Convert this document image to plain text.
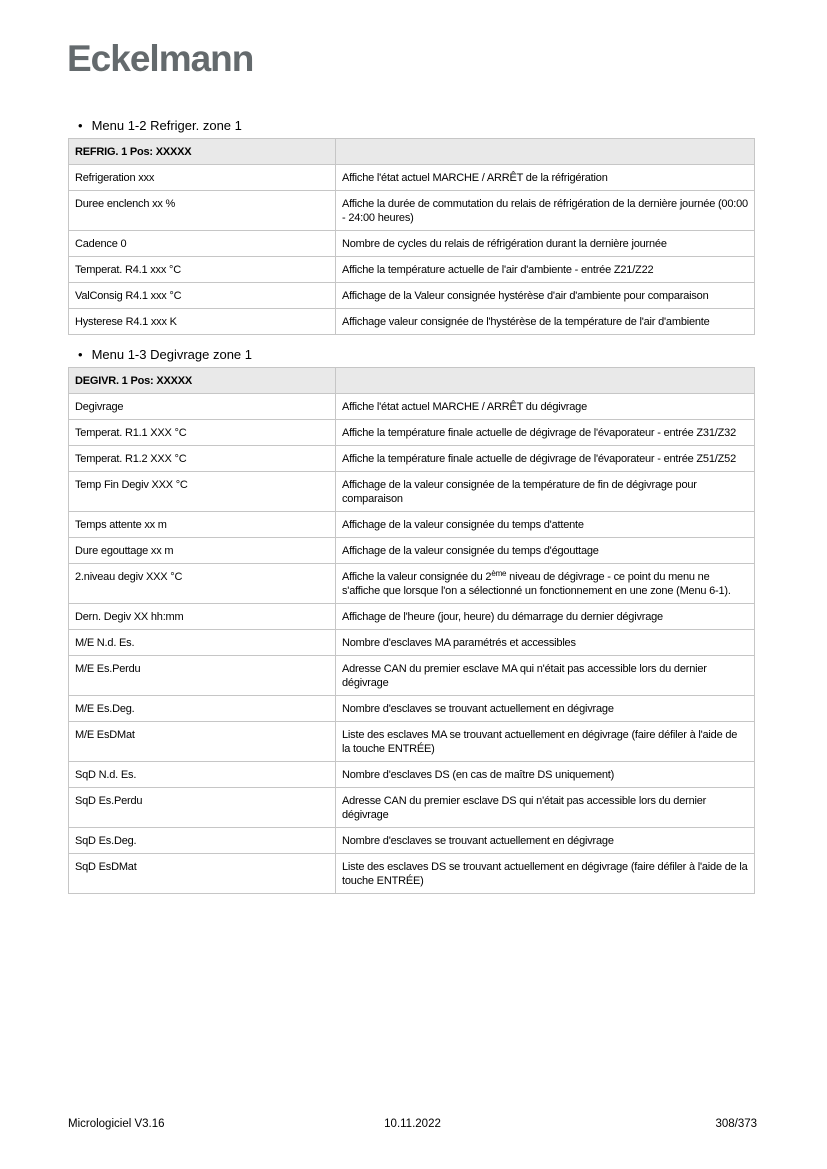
Eckelmann
• Menu 1-2 Refriger. zone 1
REFRIG. 1 Pos: XXXXX	
Refrigeration xxx	Affiche l'état actuel MARCHE / ARRÊT de la réfrigération
Duree enclench xx %	Affiche la durée de commutation du relais de réfrigération de la dernière journée (00:00 - 24:00 heures)
Cadence 0	Nombre de cycles du relais de réfrigération durant la dernière journée
Temperat. R4.1 xxx °C	Affiche la température actuelle de l'air d'ambiente - entrée Z21/Z22
ValConsig R4.1 xxx °C	Affichage de la Valeur consignée hystérèse d'air d'ambiente pour comparaison
Hysterese R4.1 xxx K	Affichage valeur consignée de l'hystérèse de la température de l'air d'ambiente
• Menu 1-3 Degivrage zone 1
DEGIVR. 1 Pos: XXXXX	
Degivrage	Affiche l'état actuel MARCHE / ARRÊT du dégivrage
Temperat. R1.1 XXX °C	Affiche la température finale actuelle de dégivrage de l'évaporateur - entrée Z31/Z32
Temperat. R1.2 XXX °C	Affiche la température finale actuelle de dégivrage de l'évaporateur - entrée Z51/Z52
Temp Fin Degiv XXX °C	Affichage de la valeur consignée de la température de fin de dégivrage pour comparaison
Temps attente xx m	Affichage de la valeur consignée du temps d'attente
Dure egouttage xx m	Affichage de la valeur consignée du temps d'égouttage
2.niveau degiv XXX °C	Affiche la valeur consignée du 2ème niveau de dégivrage - ce point du menu ne s'affiche que lorsque l'on a sélectionné un fonctionnement en une zone (Menu 6-1).
Dern. Degiv XX hh:mm	Affichage de l'heure (jour, heure) du démarrage du dernier dégivrage
M/E N.d. Es.	Nombre d'esclaves MA paramétrés et accessibles
M/E Es.Perdu	Adresse CAN du premier esclave MA qui n'était pas accessible lors du dernier dégivrage
M/E Es.Deg.	Nombre d'esclaves se trouvant actuellement en dégivrage
M/E EsDMat	Liste des esclaves MA se trouvant actuellement en dégivrage (faire défiler à l'aide de la touche ENTRÉE)
SqD N.d. Es.	Nombre d'esclaves DS (en cas de maître DS uniquement)
SqD Es.Perdu	Adresse CAN du premier esclave DS qui n'était pas accessible lors du dernier dégivrage
SqD Es.Deg.	Nombre d'esclaves se trouvant actuellement en dégivrage
SqD EsDMat	Liste des esclaves DS se trouvant actuellement en dégivrage (faire défiler à l'aide de la touche ENTRÉE)
Micrologiciel V3.16	10.11.2022	308/373
